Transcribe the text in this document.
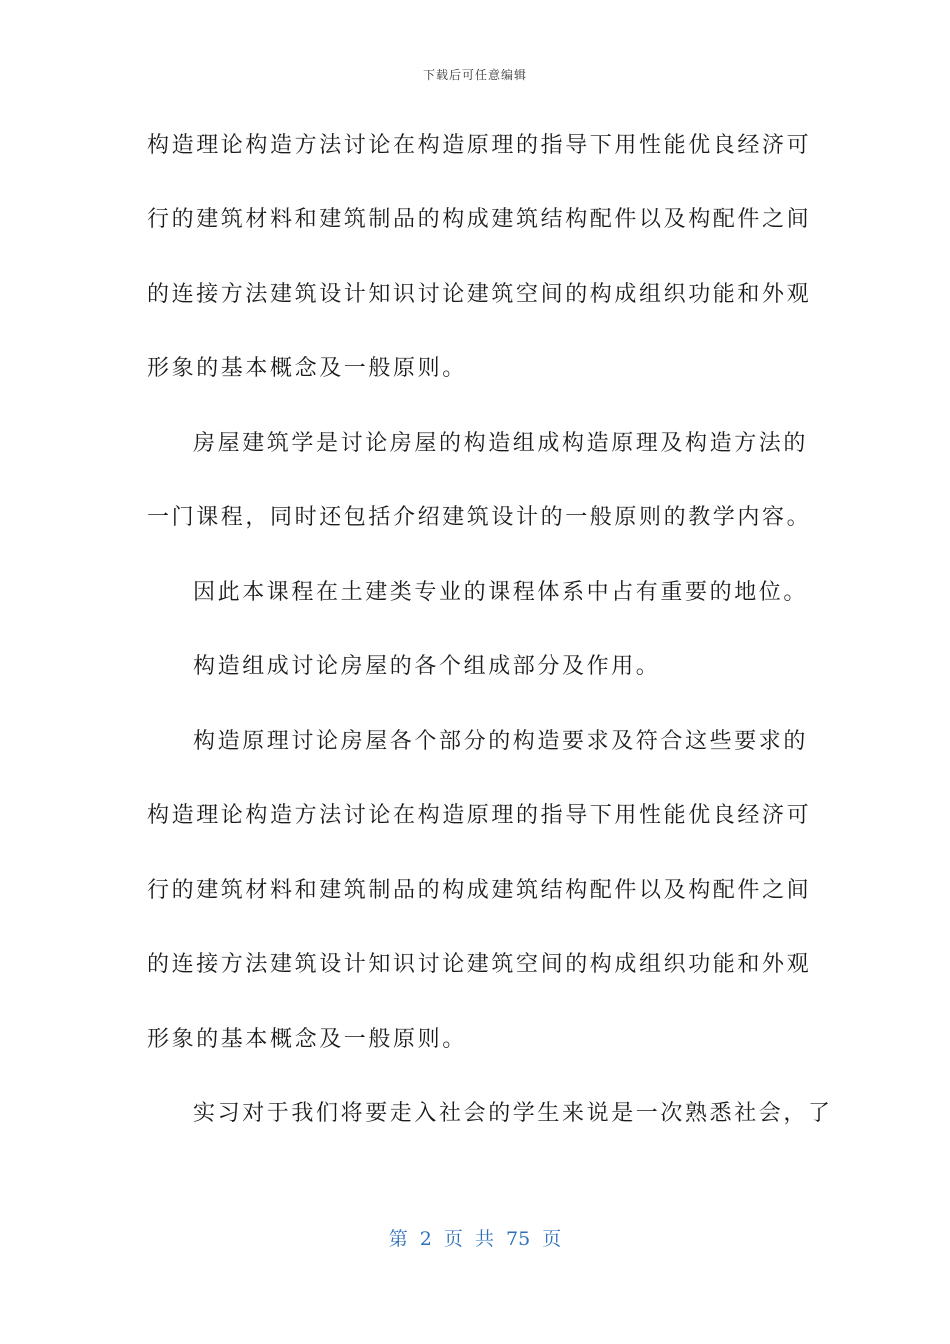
下载后可任意编辑
构造理论构造方法讨论在构造原理的指导下用性能优良经济可
行的建筑材料和建筑制品的构成建筑结构配件以及构配件之间
的连接方法建筑设计知识讨论建筑空间的构成组织功能和外观
形象的基本概念及一般原则。
房屋建筑学是讨论房屋的构造组成构造原理及构造方法的
一门课程，同时还包括介绍建筑设计的一般原则的教学内容。
因此本课程在土建类专业的课程体系中占有重要的地位。
构造组成讨论房屋的各个组成部分及作用。
构造原理讨论房屋各个部分的构造要求及符合这些要求的
构造理论构造方法讨论在构造原理的指导下用性能优良经济可
行的建筑材料和建筑制品的构成建筑结构配件以及构配件之间
的连接方法建筑设计知识讨论建筑空间的构成组织功能和外观
形象的基本概念及一般原则。
实习对于我们将要走入社会的学生来说是一次熟悉社会，了
第 2 页 共 75 页
